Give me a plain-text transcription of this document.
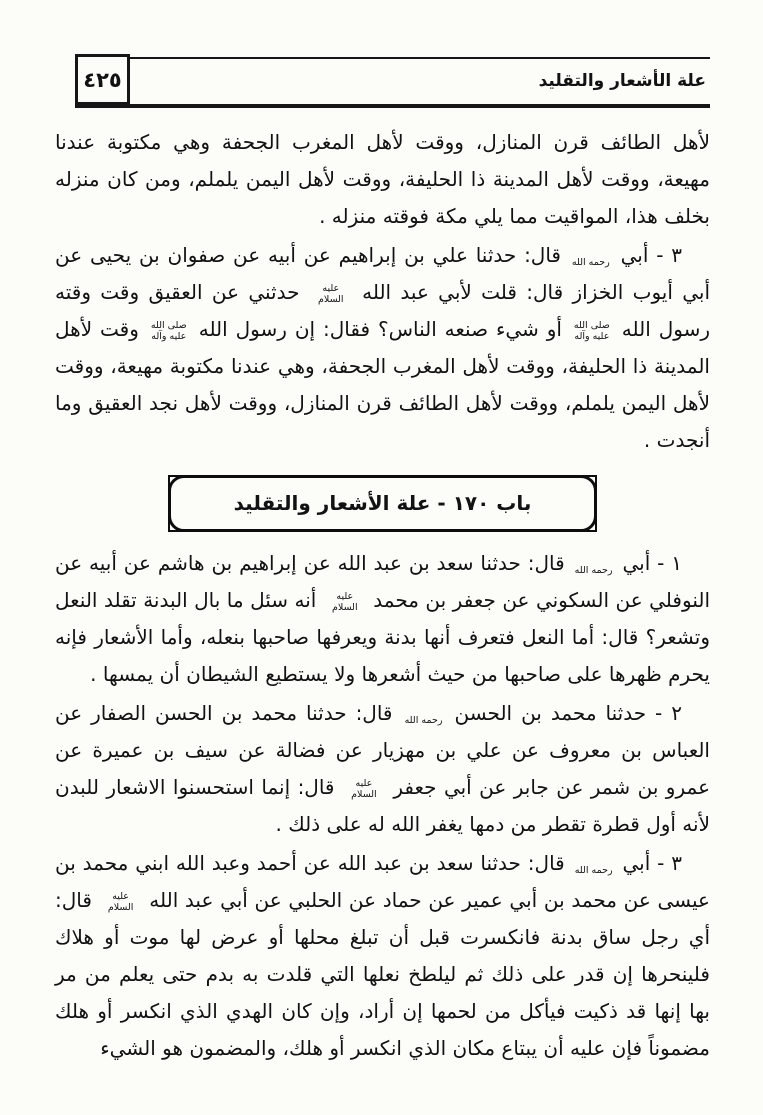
٤٢٥	علة الأشعار والتقليد
لأهل الطائف قرن المنازل، ووقت لأهل المغرب الجحفة وهي مكتوبة عندنا مهيعة، ووقت لأهل المدينة ذا الحليفة، ووقت لأهل اليمن يلملم، ومن كان منزله بخلف هذا، المواقيت مما يلي مكة فوقته منزله .
٣ - أبي رحمه الله قال: حدثنا علي بن إبراهيم عن أبيه عن صفوان بن يحيى عن أبي أيوب الخزاز قال: قلت لأبي عبد الله عليه السلام حدثني عن العقيق وقت وقته رسول الله صلى الله عليه وآله أو شيء صنعه الناس؟ فقال: إن رسول الله صلى الله عليه وآله وقت لأهل المدينة ذا الحليفة، ووقت لأهل المغرب الجحفة، وهي عندنا مكتوبة مهيعة، ووقت لأهل اليمن يلملم، ووقت لأهل الطائف قرن المنازل، ووقت لأهل نجد العقيق وما أنجدت .
باب ١٧٠ - علة الأشعار والتقليد
١ - أبي رحمه الله قال: حدثنا سعد بن عبد الله عن إبراهيم بن هاشم عن أبيه عن النوفلي عن السكوني عن جعفر بن محمد عليه السلام أنه سئل ما بال البدنة تقلد النعل وتشعر؟ قال: أما النعل فتعرف أنها بدنة ويعرفها صاحبها بنعله، وأما الأشعار فإنه يحرم ظهرها على صاحبها من حيث أشعرها ولا يستطيع الشيطان أن يمسها .
٢ - حدثنا محمد بن الحسن رحمه الله قال: حدثنا محمد بن الحسن الصفار عن العباس بن معروف عن علي بن مهزيار عن فضالة عن سيف بن عميرة عن عمرو بن شمر عن جابر عن أبي جعفر عليه السلام قال: إنما استحسنوا الاشعار للبدن لأنه أول قطرة تقطر من دمها يغفر الله له على ذلك .
٣ - أبي رحمه الله قال: حدثنا سعد بن عبد الله عن أحمد وعبد الله ابني محمد بن عيسى عن محمد بن أبي عمير عن حماد عن الحلبي عن أبي عبد الله عليه السلام قال: أي رجل ساق بدنة فانكسرت قبل أن تبلغ محلها أو عرض لها موت أو هلاك فلينحرها إن قدر على ذلك ثم ليلطخ نعلها التي قلدت به بدم حتى يعلم من مر بها إنها قد ذكيت فيأكل من لحمها إن أراد، وإن كان الهدي الذي انكسر أو هلك مضموناً فإن عليه أن يبتاع مكان الذي انكسر أو هلك، والمضمون هو الشيء
